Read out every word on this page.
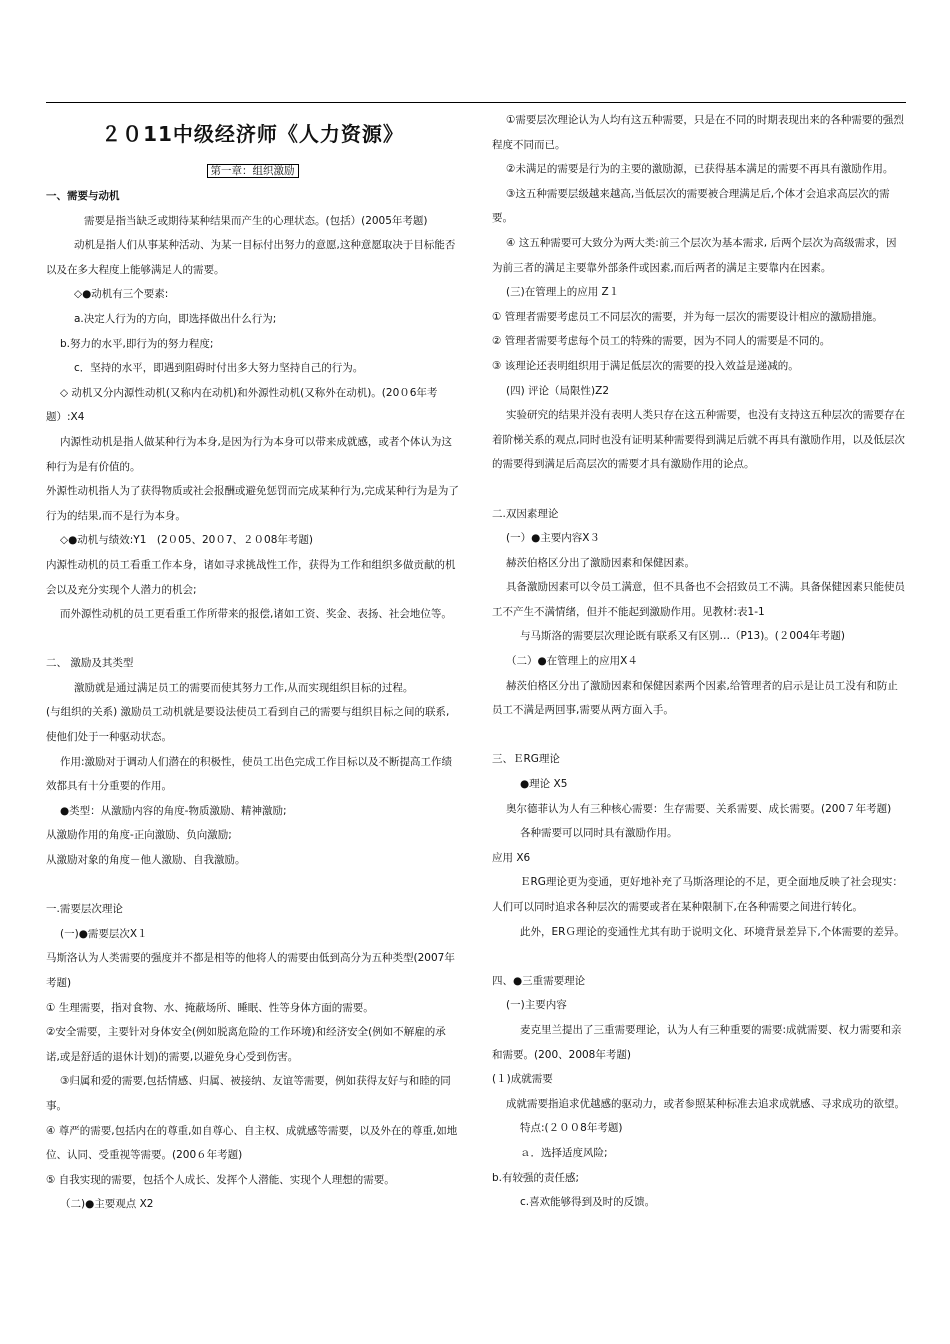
２０11中级经济师《人力资源》
第一章：组织激励

一、需要与动机

需要是指当缺乏或期待某种结果而产生的心理状态。(包括）(2005年考题)

动机是指人们从事某种活动、为某一目标付出努力的意愿,这种意愿取决于目标能否以及在多大程度上能够满足人的需要。

◇●动机有三个要素:

a.决定人行为的方向，即选择做出什么行为;

b.努力的水平,即行为的努力程度;

c．坚持的水平，即遇到阻碍时付出多大努力坚持自己的行为。

◇ 动机又分内源性动机(又称内在动机)和外源性动机(又称外在动机)。(20０6年考题）:X4

内源性动机是指人做某种行为本身,是因为行为本身可以带来成就感，或者个体认为这种行为是有价值的。

外源性动机指人为了获得物质或社会报酬或避免惩罚而完成某种行为,完成某种行为是为了行为的结果,而不是行为本身。

◇●动机与绩效:Y1　(2０05、20０7、２０08年考题)

内源性动机的员工看重工作本身，诸如寻求挑战性工作，获得为工作和组织多做贡献的机会以及充分实现个人潜力的机会;

而外源性动机的员工更看重工作所带来的报偿,诸如工资、奖金、表扬、社会地位等。

二、 激励及其类型

激励就是通过满足员工的需要而使其努力工作,从而实现组织目标的过程。

(与组织的关系) 激励员工动机就是要设法使员工看到自己的需要与组织目标之间的联系,使他们处于一种驱动状态。

作用:激励对于调动人们潜在的积极性，使员工出色完成工作目标以及不断提高工作绩效都具有十分重要的作用。

●类型：从激励内容的角度-物质激励、精神激励;

从激励作用的角度-正向激励、负向激励;

从激励对象的角度－他人激励、自我激励。

一.需要层次理论

(一)●需要层次X１

马斯洛认为人类需要的强度并不都是相等的他将人的需要由低到高分为五种类型(2007年考题)

① 生理需要，指对食物、水、掩蔽场所、睡眠、性等身体方面的需要。

②安全需要，主要针对身体安全(例如脱离危险的工作环境)和经济安全(例如不解雇的承诺,或是舒适的退休计划)的需要,以避免身心受到伤害。

③归属和爱的需要,包括情感、归属、被接纳、友谊等需要，例如获得友好与和睦的同事。

④ 尊严的需要,包括内在的尊重,如自尊心、自主权、成就感等需要，以及外在的尊重,如地位、认同、受重视等需要。(200６年考题)

⑤ 自我实现的需要，包括个人成长、发挥个人潜能、实现个人理想的需要。

（二)●主要观点 X2

①需要层次理论认为人均有这五种需要，只是在不同的时期表现出来的各种需要的强烈程度不同而已。

②未满足的需要是行为的主要的激励源，已获得基本满足的需要不再具有激励作用。

③这五种需要层级越来越高,当低层次的需要被合理满足后,个体才会追求高层次的需要。

④ 这五种需要可大致分为两大类:前三个层次为基本需求, 后两个层次为高级需求，因为前三者的满足主要靠外部条件或因素,而后两者的满足主要靠内在因素。

(三)在管理上的应用 Z１

① 管理者需要考虑员工不同层次的需要，并为每一层次的需要设计相应的激励措施。

② 管理者需要考虑每个员工的特殊的需要，因为不同人的需要是不同的。

③ 该理论还表明组织用于满足低层次的需要的投入效益是递减的。

(四) 评论（局限性)Z2

实验研究的结果并没有表明人类只存在这五种需要，也没有支持这五种层次的需要存在着阶梯关系的观点,同时也没有证明某种需要得到满足后就不再具有激励作用，以及低层次的需要得到满足后高层次的需要才具有激励作用的论点。

二.双因素理论

(一）●主要内容X３

赫茨伯格区分出了激励因素和保健因素。

具备激励因素可以令员工满意，但不具备也不会招致员工不满。具备保健因素只能使员工不产生不满情绪，但并不能起到激励作用。见教材:表1-1

与马斯洛的需要层次理论既有联系又有区别…（P13)。(２004年考题)

（二）●在管理上的应用X４

赫茨伯格区分出了激励因素和保健因素两个因素,给管理者的启示是让员工没有和防止员工不满是两回事,需要从两方面入手。

三、ＥRG理论

●理论 X5

奥尔德菲认为人有三种核心需要：生存需要、关系需要、成长需要。(200７年考题)

各种需要可以同时具有激励作用。

应用 X6

ＥRG理论更为变通，更好地补充了马斯洛理论的不足，更全面地反映了社会现实：人们可以同时追求各种层次的需要或者在某种限制下,在各种需要之间进行转化。

此外，ERＧ理论的变通性尤其有助于说明文化、环境背景差异下,个体需要的差异。

四、●三重需要理论

(一)主要内容

麦克里兰提出了三重需要理论，认为人有三种重要的需要:成就需要、权力需要和亲和需要。(200、2008年考题)

(１)成就需要

成就需要指追求优越感的驱动力，或者参照某种标准去追求成就感、寻求成功的欲望。

特点:(２００8年考题)

ａ．选择适度风险;

b.有较强的责任感;

c.喜欢能够得到及时的反馈。
